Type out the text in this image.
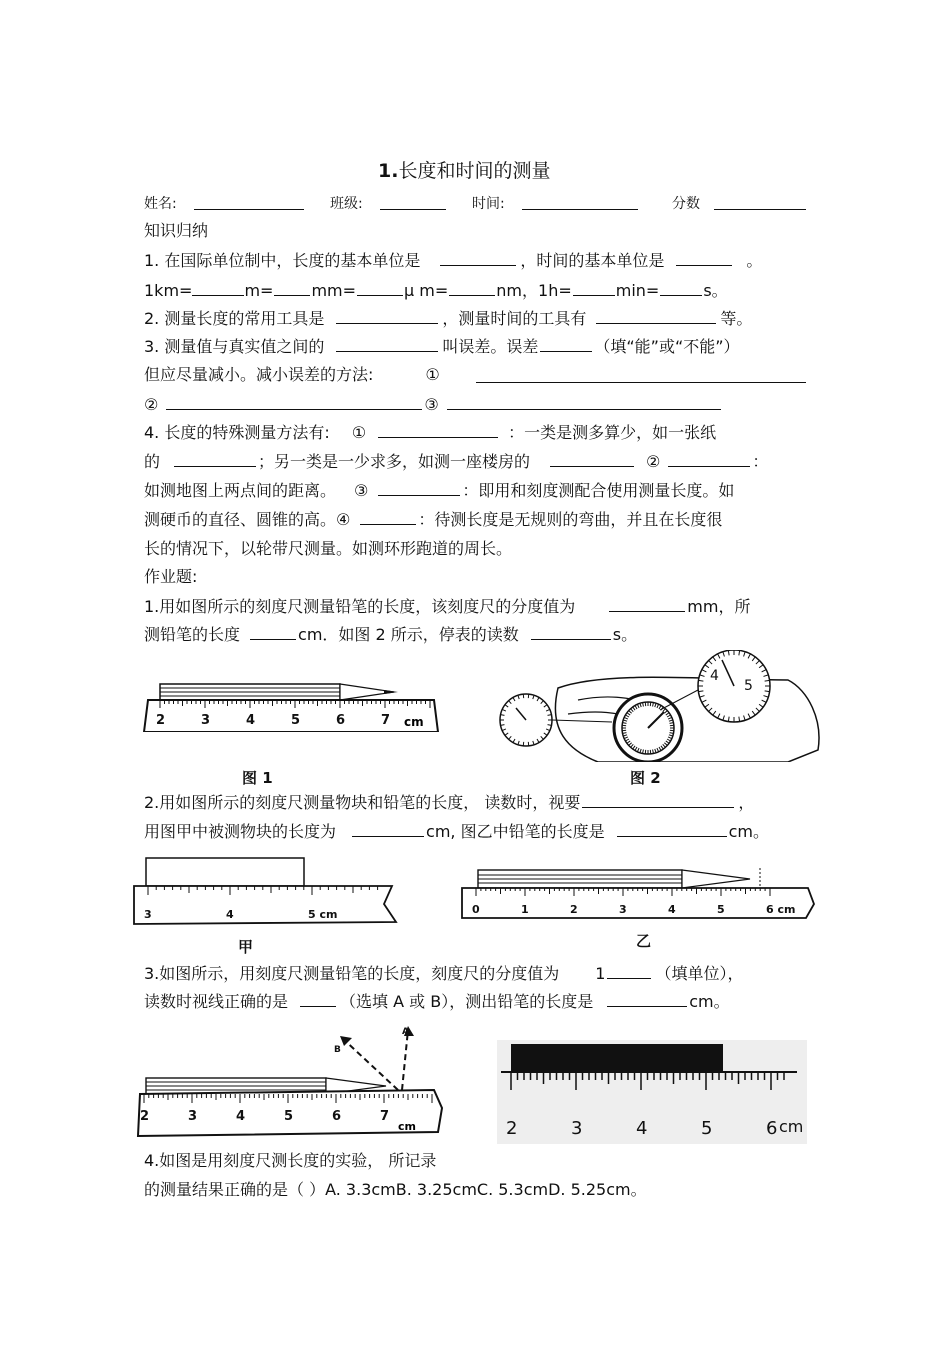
1.长度和时间的测量
姓名:	班级:	时间:	分数
知识归纳
1. 在国际单位制中，长度的基本单位是	，时间的基本单位是	。
1km=	m= mm=	μ m=	nm，1h=	min=	s。
2. 测量长度的常用工具是	，测量时间的工具有	等。
3. 测量值与真实值之间的	叫误差。误差	（填“能”或“不能”）
但应尽量减小。减小误差的方法:	①
②	③
4. 长度的特殊测量方法有: ①	：一类是测多算少，如一张纸
的	；另一类是一少求多，如测一座楼房的	②	：
如测地图上两点间的距离。 ③	：即用和刻度测配合使用测量长度。如
测硬币的直径、圆锥的高。④	：待测长度是无规则的弯曲，并且在长度很
长的情况下，以轮带尺测量。如测环形跑道的周长。
作业题:
1.用如图所示的刻度尺测量铅笔的长度，该刻度尺的分度值为	mm，所
测铅笔的长度	cm．如图 2 所示，停表的读数	s。
2	3	4	5	6	7 cm
图 1
4
5
图 2
2.用如图所示的刻度尺测量物块和铅笔的长度， 读数时，视要	，
用图甲中被测物块的长度为	cm, 图乙中铅笔的长度是	cm。
3	4	5 cm
甲
0	1	2	3	4	5	6 cm
乙
3.如图所示，用刻度尺测量铅笔的长度，刻度尺的分度值为 1	（填单位），
读数时视线正确的是	（选填 A 或 B），测出铅笔的长度是	cm。
B
A
2	3	4	5	6	7
cm	2	3	4	5	6 cm
4.如图是用刻度尺测长度的实验， 所记录
的测量结果正确的是（ ）A. 3.3cmB. 3.25cmC. 5.3cmD. 5.25cm。
